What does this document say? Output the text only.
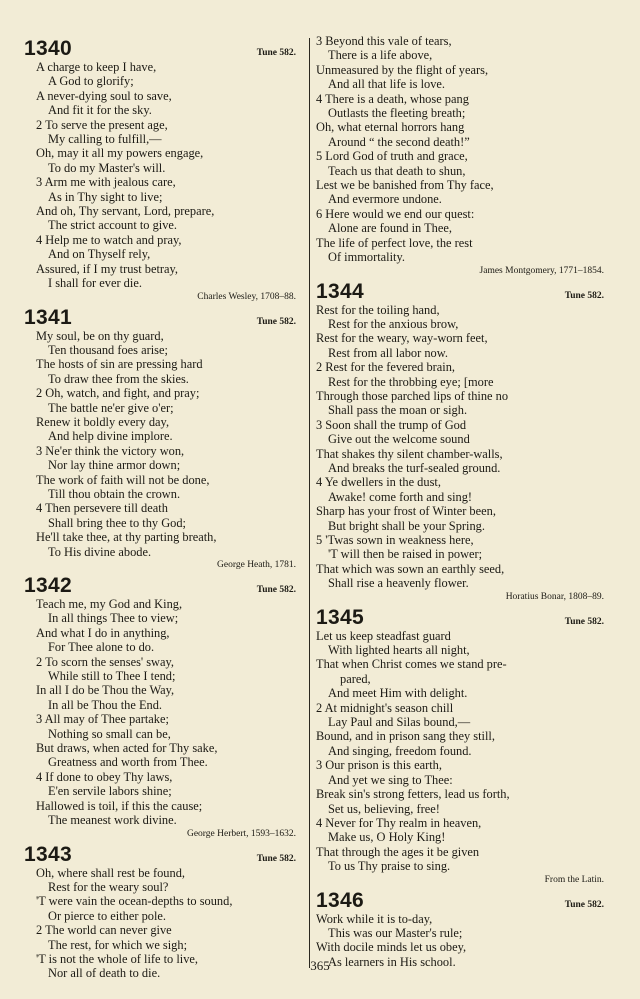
1340	Tune 582.
A charge to keep I have,
A God to glorify;
A never-dying soul to save,
And fit it for the sky.
2 To serve the present age,
My calling to fulfill,—
Oh, may it all my powers engage,
To do my Master's will.
3 Arm me with jealous care,
As in Thy sight to live;
And oh, Thy servant, Lord, prepare,
The strict account to give.
4 Help me to watch and pray,
And on Thyself rely,
Assured, if I my trust betray,
I shall for ever die.
Charles Wesley, 1708–88.
1341	Tune 582.
My soul, be on thy guard,
Ten thousand foes arise;
The hosts of sin are pressing hard
To draw thee from the skies.
2 Oh, watch, and fight, and pray;
The battle ne'er give o'er;
Renew it boldly every day,
And help divine implore.
3 Ne'er think the victory won,
Nor lay thine armor down;
The work of faith will not be done,
Till thou obtain the crown.
4 Then persevere till death
Shall bring thee to thy God;
He'll take thee, at thy parting breath,
To His divine abode.
George Heath, 1781.
1342	Tune 582.
Teach me, my God and King,
In all things Thee to view;
And what I do in anything,
For Thee alone to do.
2 To scorn the senses' sway,
While still to Thee I tend;
In all I do be Thou the Way,
In all be Thou the End.
3 All may of Thee partake;
Nothing so small can be,
But draws, when acted for Thy sake,
Greatness and worth from Thee.
4 If done to obey Thy laws,
E'en servile labors shine;
Hallowed is toil, if this the cause;
The meanest work divine.
George Herbert, 1593–1632.
1343	Tune 582.
Oh, where shall rest be found,
Rest for the weary soul?
'T were vain the ocean-depths to sound,
Or pierce to either pole.
2 The world can never give
The rest, for which we sigh;
'T is not the whole of life to live,
Nor all of death to die.
3 Beyond this vale of tears,
There is a life above,
Unmeasured by the flight of years,
And all that life is love.
4 There is a death, whose pang
Outlasts the fleeting breath;
Oh, what eternal horrors hang
Around “ the second death!”
5 Lord God of truth and grace,
Teach us that death to shun,
Lest we be banished from Thy face,
And evermore undone.
6 Here would we end our quest:
Alone are found in Thee,
The life of perfect love, the rest
Of immortality.
James Montgomery, 1771–1854.
1344	Tune 582.
Rest for the toiling hand,
Rest for the anxious brow,
Rest for the weary, way-worn feet,
Rest from all labor now.
2 Rest for the fevered brain,
Rest for the throbbing eye; [more
Through those parched lips of thine no
Shall pass the moan or sigh.
3 Soon shall the trump of God
Give out the welcome sound
That shakes thy silent chamber-walls,
And breaks the turf-sealed ground.
4 Ye dwellers in the dust,
Awake! come forth and sing!
Sharp has your frost of Winter been,
But bright shall be your Spring.
5 'Twas sown in weakness here,
'T will then be raised in power;
That which was sown an earthly seed,
Shall rise a heavenly flower.
Horatius Bonar, 1808–89.
1345	Tune 582.
Let us keep steadfast guard
With lighted hearts all night,
That when Christ comes we stand pre-
pared,
And meet Him with delight.
2 At midnight's season chill
Lay Paul and Silas bound,—
Bound, and in prison sang they still,
And singing, freedom found.
3 Our prison is this earth,
And yet we sing to Thee:
Break sin's strong fetters, lead us forth,
Set us, believing, free!
4 Never for Thy realm in heaven,
Make us, O Holy King!
That through the ages it be given
To us Thy praise to sing.
From the Latin.
1346	Tune 582.
Work while it is to-day,
This was our Master's rule;
With docile minds let us obey,
As learners in His school.
365
